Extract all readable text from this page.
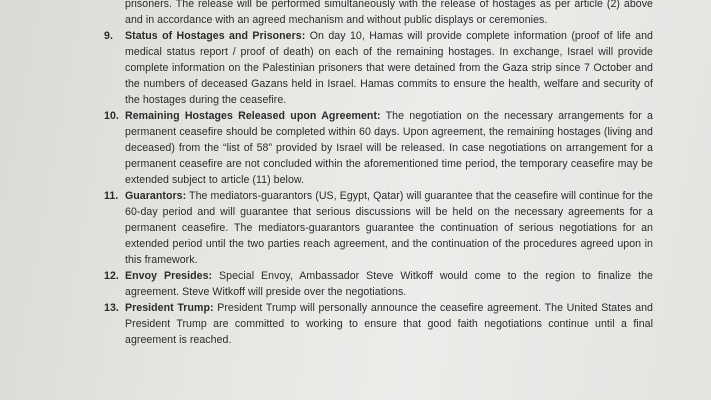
prisoners. The release will be performed simultaneously with the release of hostages as per article (2) above and in accordance with an agreed mechanism and without public displays or ceremonies.

9. Status of Hostages and Prisoners: On day 10, Hamas will provide complete information (proof of life and medical status report / proof of death) on each of the remaining hostages. In exchange, Israel will provide complete information on the Palestinian prisoners that were detained from the Gaza strip since 7 October and the numbers of deceased Gazans held in Israel. Hamas commits to ensure the health, welfare and security of the hostages during the ceasefire.

10. Remaining Hostages Released upon Agreement: The negotiation on the necessary arrangements for a permanent ceasefire should be completed within 60 days. Upon agreement, the remaining hostages (living and deceased) from the “list of 58” provided by Israel will be released. In case negotiations on arrangement for a permanent ceasefire are not concluded within the aforementioned time period, the temporary ceasefire may be extended subject to article (11) below.

11. Guarantors: The mediators-guarantors (US, Egypt, Qatar) will guarantee that the ceasefire will continue for the 60-day period and will guarantee that serious discussions will be held on the necessary agreements for a permanent ceasefire. The mediators-guarantors guarantee the continuation of serious negotiations for an extended period until the two parties reach agreement, and the continuation of the procedures agreed upon in this framework.

12. Envoy Presides: Special Envoy, Ambassador Steve Witkoff would come to the region to finalize the agreement. Steve Witkoff will preside over the negotiations.

13. President Trump: President Trump will personally announce the ceasefire agreement. The United States and President Trump are committed to working to ensure that good faith negotiations continue until a final agreement is reached.
